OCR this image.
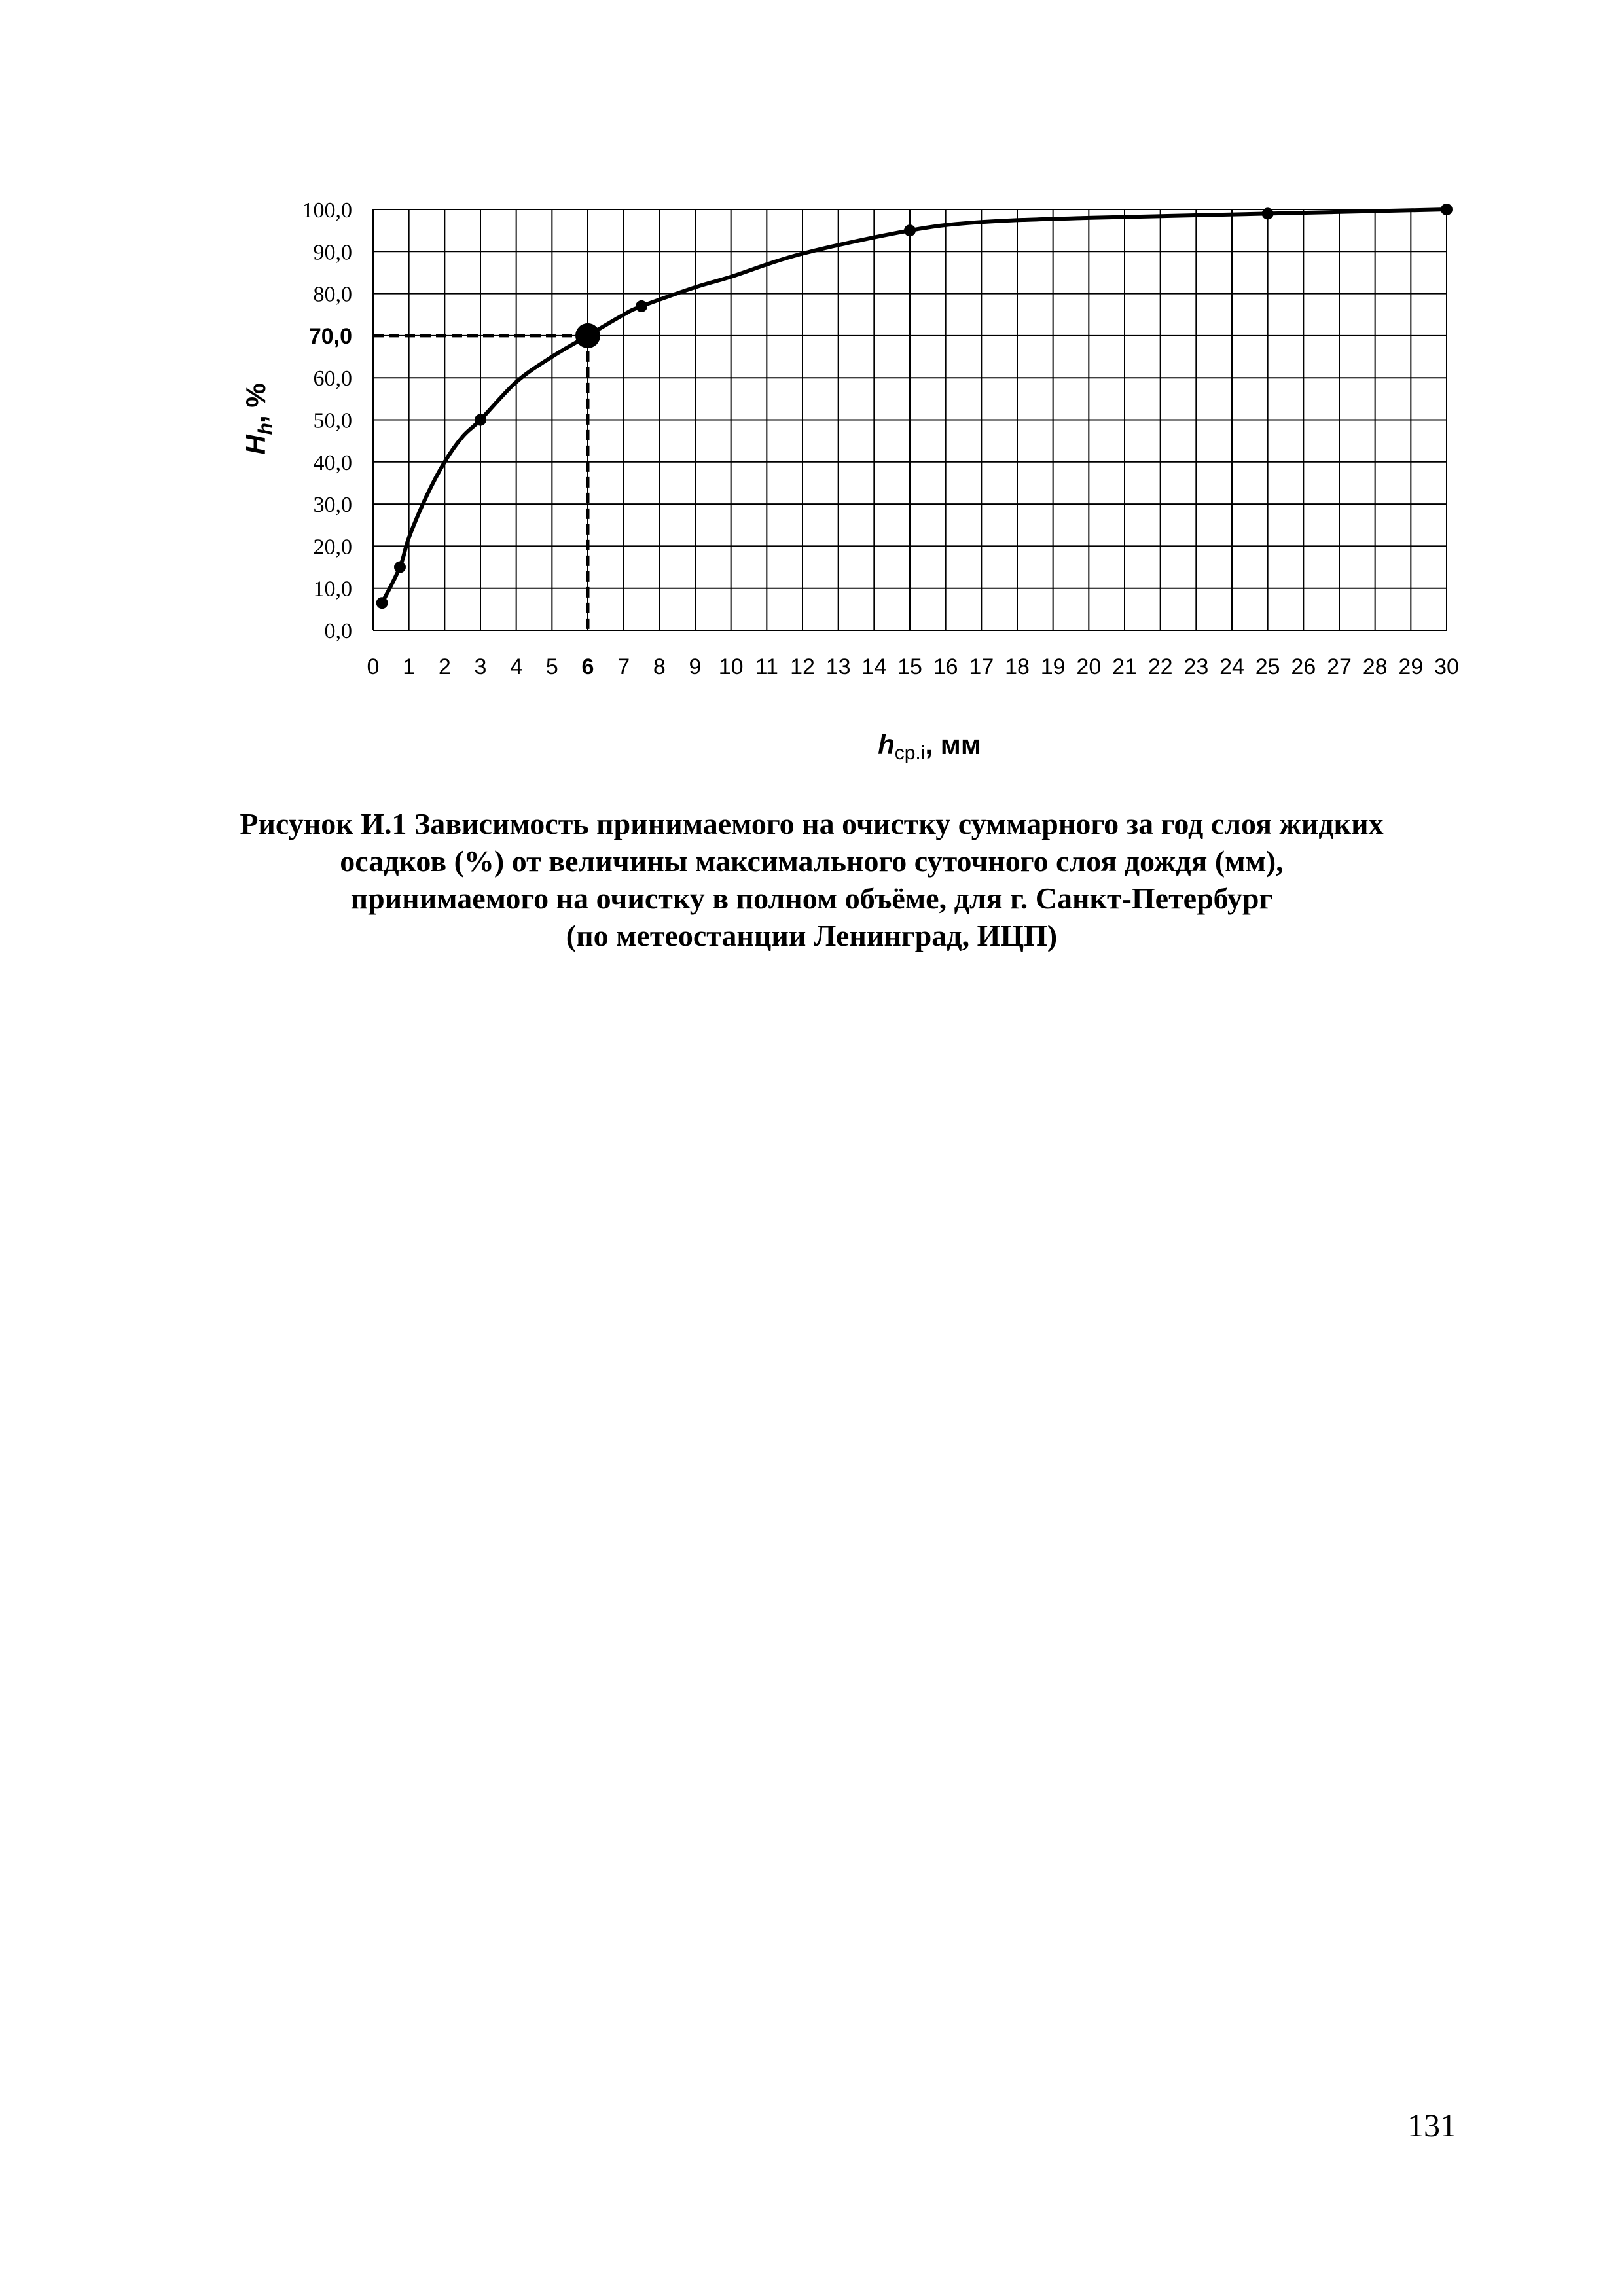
0,0
10,0
20,0
30,0
40,0
50,0
60,0
70,0
80,0
90,0
100,0
0 1 2 3 4 5 6 7 8 9 10 11 12 13 14 15 16 17 18 19 20 21 22 23 24 25 26 27 28 29 30
$H_h$, %
hср.i, мм
Рисунок И.1 Зависимость принимаемого на очистку суммарного за год слоя жидких
осадков (%) от величины максимального суточного слоя дождя (мм),
принимаемого на очистку в полном объёме, для г. Санкт-Петербург
(по метеостанции Ленинград, ИЦП)
131
